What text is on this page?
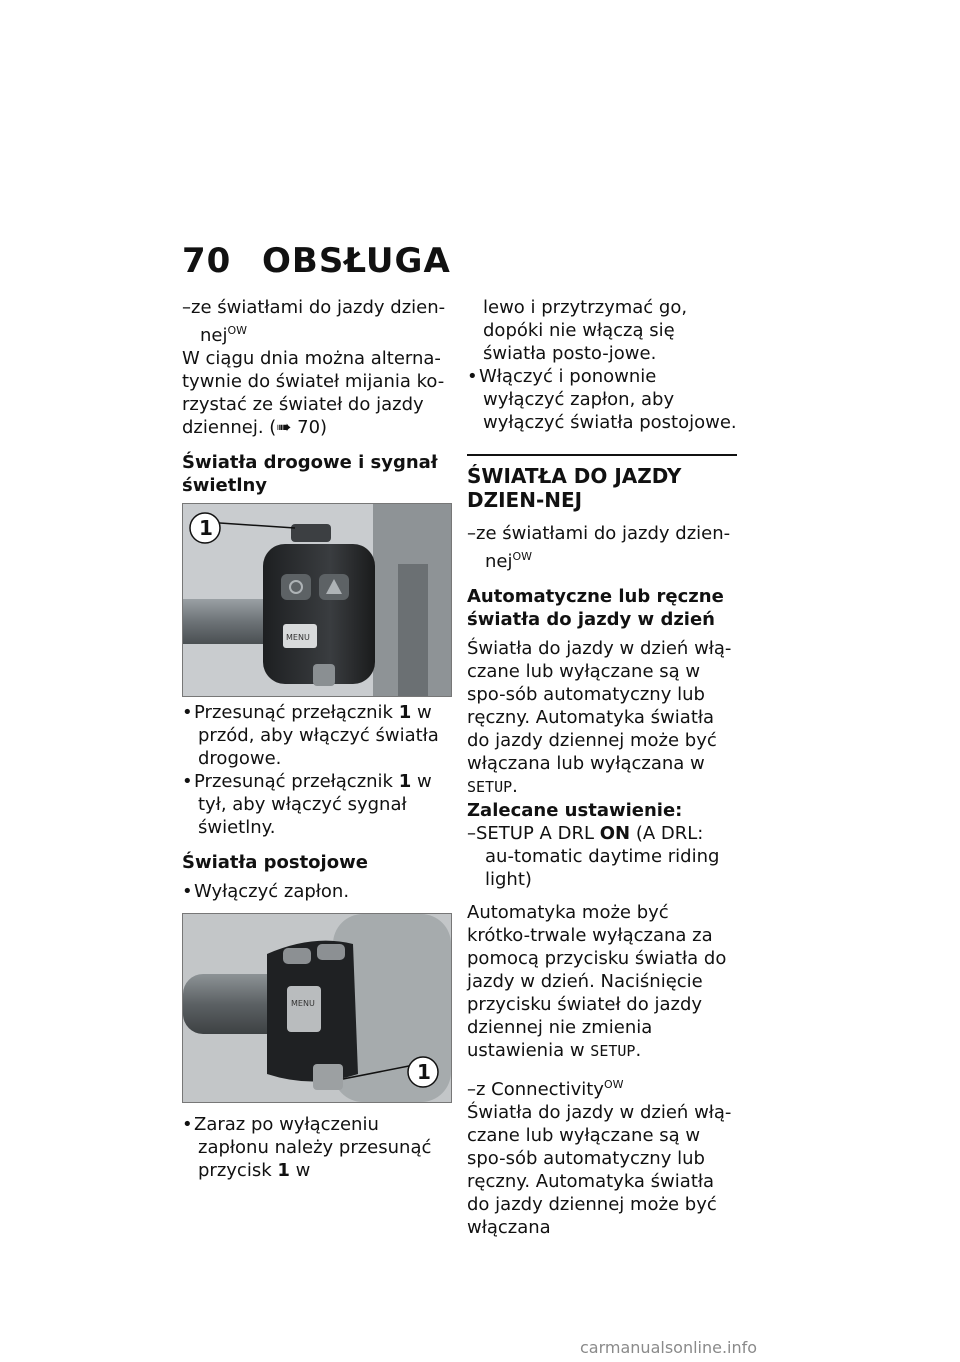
70 OBSŁUGA

–ze światłami do jazdy dzien-nej$^{OW}$

W ciągu dnia można alterna-tywnie do świateł mijania ko-rzystać ze świateł do jazdy dziennej. (➠ 70)

Światła drogowe i sygnał świetlny
MENU
1

• Przesunąć przełącznik 1 w przód, aby włączyć światła drogowe.

• Przesunąć przełącznik 1 w tył, aby włączyć sygnał świetlny.

Światła postojowe

• Wyłączyć zapłon.

MENU
1

• Zaraz po wyłączeniu zapłonu należy przesunąć przycisk 1 w

lewo i przytrzymać go, dopóki nie włączą się światła posto-jowe.

• Włączyć i ponownie wyłączyć zapłon, aby wyłączyć światła postojowe.

ŚWIATŁA DO JAZDY DZIEN-NEJ

–ze światłami do jazdy dzien-nej$^{OW}$

Automatyczne lub ręczne światła do jazdy w dzień

Światła do jazdy w dzień włą-czane lub wyłączane są w spo-sób automatyczny lub ręczny. Automatyka światła do jazdy dziennej może być włączana lub wyłączana w SETUP.

Zalecane ustawienie:

–SETUP A DRL ON (A DRL: au-tomatic daytime riding light)

Automatyka może być krótko-trwale wyłączana za pomocą przycisku światła do jazdy w dzień. Naciśnięcie przycisku świateł do jazdy dziennej nie zmienia ustawienia w SETUP.

–z Connectivity$^{OW}$

Światła do jazdy w dzień włą-czane lub wyłączane są w spo-sób automatyczny lub ręczny. Automatyka światła do jazdy dziennej może być włączana

carmanualsonline.info
